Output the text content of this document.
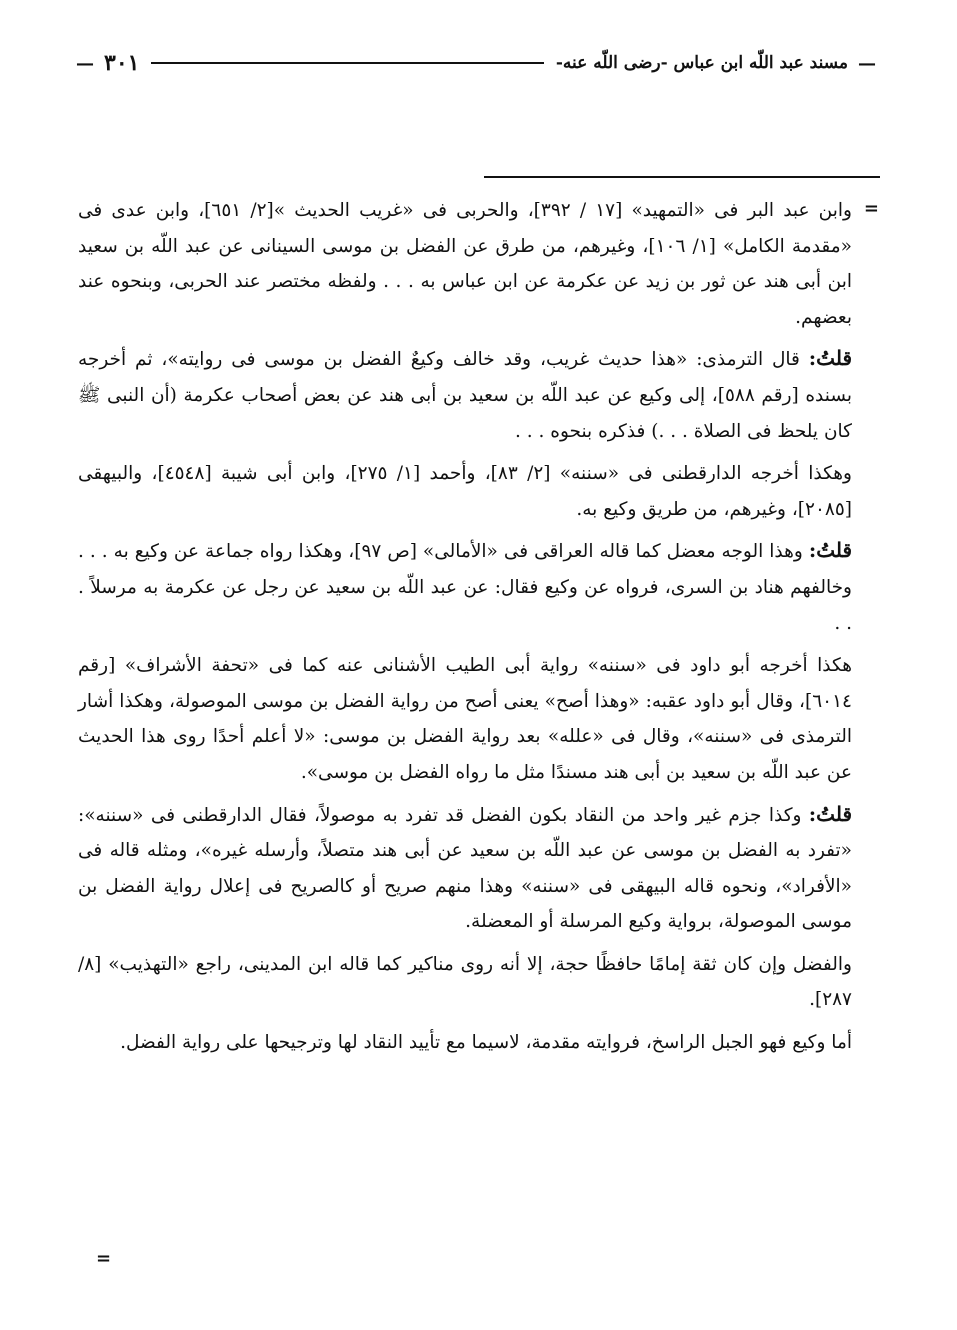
—
مسند عبد اللّه ابن عباس -رضى اللّه عنه-
٣٠١
—
=
=

وابن عبد البر فى «التمهيد» [١٧ / ٣٩٢]، والحربى فى «غريب الحديث »[٢/ ٦٥١]، وابن عدى فى «مقدمة الكامل» [١/ ١٠٦]، وغيرهم، من طرق عن الفضل بن موسى السينانى عن عبد اللّه بن سعيد ابن أبى هند عن ثور بن زيد عن عكرمة عن ابن عباس به . . . ولفظه مختصر عند الحربى، وبنحوه عند بعضهم.

قلتُ: قال الترمذى: «هذا حديث غريب، وقد خالف وكيعٌ الفضل بن موسى فى روايته»، ثم أخرجه بسنده [رقم ٥٨٨]، إلى وكيع عن عبد اللّه بن سعيد بن أبى هند عن بعض أصحاب عكرمة (أن النبى ﷺ كان يلحظ فى الصلاة . . .) فذكره بنحوه . . .

وهكذا أخرجه الدارقطنى فى «سننه» [٢/ ٨٣]، وأحمد [١/ ٢٧٥]، وابن أبى شيبة [٤٥٤٨]، والبيهقى [٢٠٨٥]، وغيرهم، من طريق وكيع به.

قلتُ: وهذا الوجه معضل كما قاله العراقى فى «الأمالى» [ص ٩٧]، وهكذا رواه جماعة عن وكيع به . . . وخالفهم هناد بن السرى، فرواه عن وكيع فقال: عن عبد اللّه بن سعيد عن رجل عن عكرمة به مرسلاً . . .

هكذا أخرجه أبو داود فى «سننه» رواية أبى الطيب الأشنانى عنه كما فى «تحفة الأشراف» [رقم ٦٠١٤]، وقال أبو داود عقبه: «وهذا أصح» يعنى أصح من رواية الفضل بن موسى الموصولة، وهكذا أشار الترمذى فى «سننه»، وقال فى «علله» بعد رواية الفضل بن موسى: «لا أعلم أحدًا روى هذا الحديث عن عبد اللّه بن سعيد بن أبى هند مسندًا مثل ما رواه الفضل بن موسى».

قلتُ: وكذا جزم غير واحد من النقاد بكون الفضل قد تفرد به موصولاً، فقال الدارقطنى فى «سننه»: «تفرد به الفضل بن موسى عن عبد اللّه بن سعيد عن أبى هند متصلاً، وأرسله غيره»، ومثله قاله فى «الأفراد»، ونحوه قاله البيهقى فى «سننه» وهذا منهم صريح أو كالصريح فى إعلال رواية الفضل بن موسى الموصولة، برواية وكيع المرسلة أو المعضلة.

والفضل وإن كان ثقة إمامًا حافظًا حجة، إلا أنه روى مناكير كما قاله ابن المدينى، راجع «التهذيب» [٨/ ٢٨٧].

أما وكيع فهو الجبل الراسخ، فروايته مقدمة، لاسيما مع تأييد النقاد لها وترجيحها على رواية الفضل.
